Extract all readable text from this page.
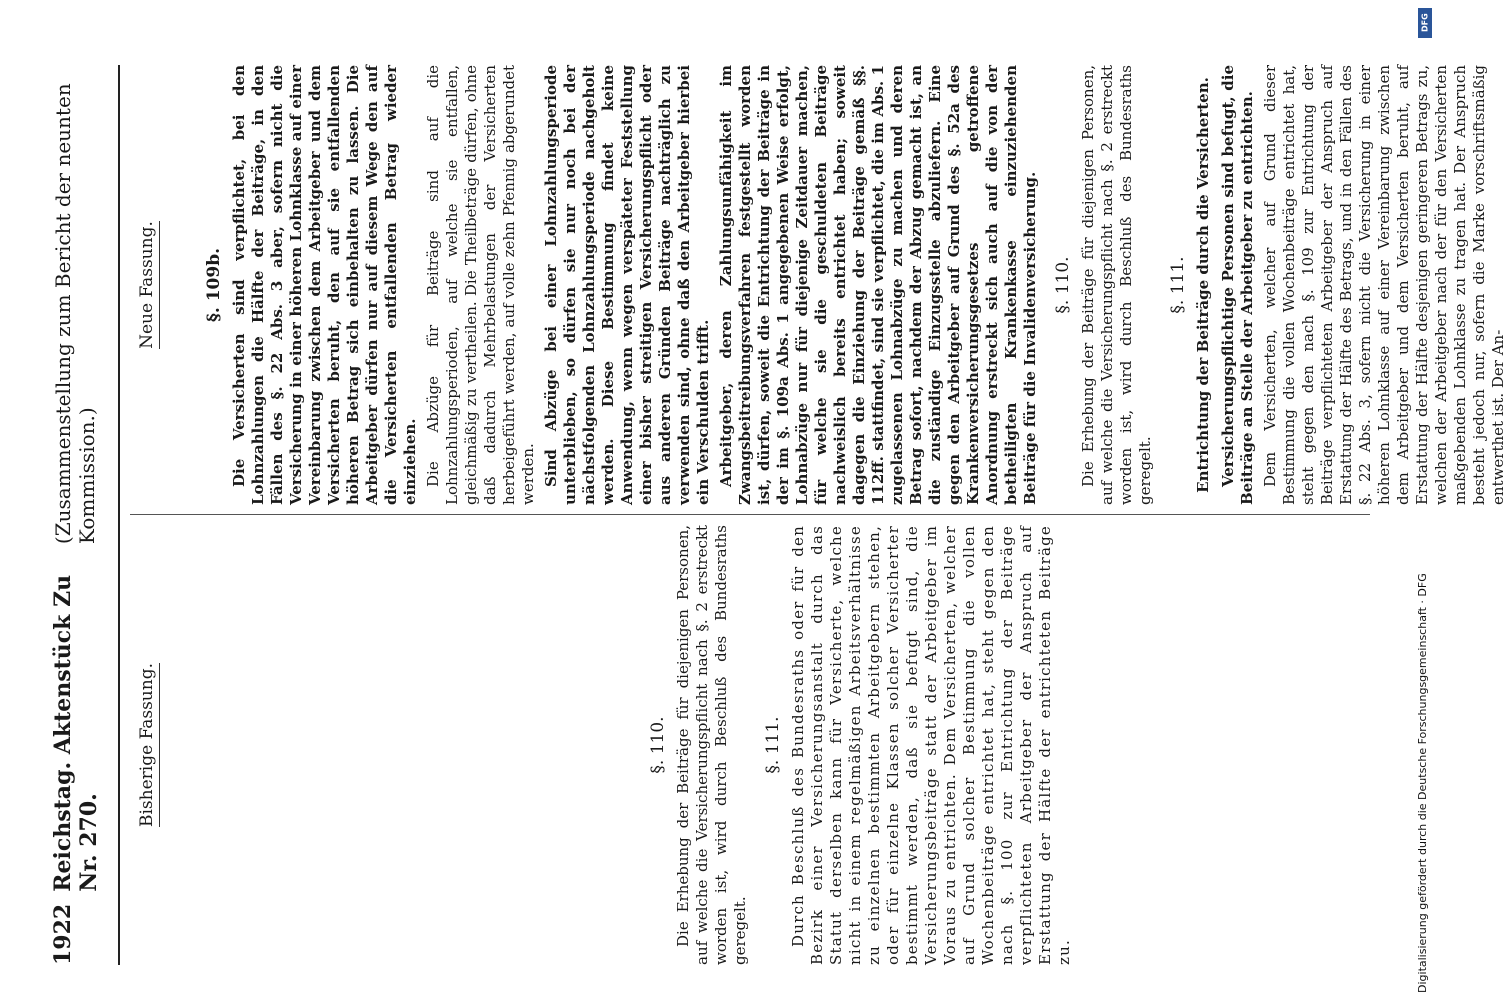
1922
Reichstag. Aktenstück Zu Nr. 270.
(Zusammenstellung zum Bericht der neunten Kommission.)
Bisherige Fassung.	§. 110. Die Erhebung der Beiträge für diejenigen Personen, auf welche die Versicherungspflicht nach §. 2 erstreckt worden ist, wird durch Beschluß des Bundesraths geregelt.

§. 111. Durch Beschluß des Bundesraths oder für den Bezirk einer Versicherungsanstalt durch das Statut derselben kann für Versicherte, welche nicht in einem regelmäßigen Arbeitsverhältnisse zu einzelnen bestimmten Arbeitgebern stehen, oder für einzelne Klassen solcher Versicherter bestimmt werden, daß sie befugt sind, die Versicherungsbeiträge statt der Arbeitgeber im Voraus zu entrichten. Dem Versicherten, welcher auf Grund solcher Bestimmung die vollen Wochenbeiträge entrichtet hat, steht gegen den nach §. 100 zur Entrichtung der Beiträge verpflichteten Arbeitgeber der Anspruch auf Erstattung der Hälfte der entrichteten Beiträge zu.

Neue Fassung.	§. 109b. Die Versicherten sind verpflichtet, bei den Lohnzahlungen die Hälfte der Beiträge, in den Fällen des §. 22 Abs. 3 aber, sofern nicht die Versicherung in einer höheren Lohnklasse auf einer Vereinbarung zwischen dem Arbeitgeber und dem Versicherten beruht, den auf sie entfallenden höheren Betrag sich einbehalten zu lassen. Die Arbeitgeber dürfen nur auf diesem Wege den auf die Versicherten entfallenden Betrag wieder einziehen. Die Abzüge für Beiträge sind auf die Lohnzahlungsperioden, auf welche sie entfallen, gleichmäßig zu vertheilen. Die Theilbeträge dürfen, ohne daß dadurch Mehrbelastungen der Versicherten herbeigeführt werden, auf volle zehn Pfennig abgerundet werden. Sind Abzüge bei einer Lohnzahlungsperiode unterblieben, so dürfen sie nur noch bei der nächstfolgenden Lohnzahlungsperiode nachgeholt werden. Diese Bestimmung findet keine Anwendung, wenn wegen verspäteter Feststellung einer bisher streitigen Versicherungspflicht oder aus anderen Gründen Beiträge nachträglich zu verwenden sind, ohne daß den Arbeitgeber hierbei ein Verschulden trifft. Arbeitgeber, deren Zahlungsunfähigkeit im Zwangsbeitreibungsverfahren festgestellt worden ist, dürfen, soweit die Entrichtung der Beiträge in der im §. 109a Abs. 1 angegebenen Weise erfolgt, Lohnabzüge nur für diejenige Zeitdauer machen, für welche sie die geschuldeten Beiträge nachweislich bereits entrichtet haben; soweit dagegen die Einziehung der Beiträge gemäß §§. 112ff. stattfindet, sind sie verpflichtet, die im Abs. 1 zugelassenen Lohnabzüge zu machen und deren Betrag sofort, nachdem der Abzug gemacht ist, an die zuständige Einzugsstelle abzuliefern. Eine gegen den Arbeitgeber auf Grund des §. 52a des Krankenversicherungsgesetzes getroffene Anordnung erstreckt sich auch auf die von der betheiligten Krankenkasse einzuziehenden Beiträge für die Invalidenversicherung. §. 110. Die Erhebung der Beiträge für diejenigen Personen, auf welche die Versicherungspflicht nach §. 2 erstreckt worden ist, wird durch Beschluß des Bundesraths geregelt.

§. 111. Entrichtung der Beiträge durch die Versicherten. Versicherungspflichtige Personen sind befugt, die Beiträge an Stelle der Arbeitgeber zu entrichten. Dem Versicherten, welcher auf Grund dieser Bestimmung die vollen Wochenbeiträge entrichtet hat, steht gegen den nach §. 109 zur Entrichtung der Beiträge verpflichteten Arbeitgeber der Anspruch auf Erstattung der Hälfte des Betrags, und in den Fällen des §. 22 Abs. 3, sofern nicht die Versicherung in einer höheren Lohnklasse auf einer Vereinbarung zwischen dem Arbeitgeber und dem Versicherten beruht, auf Erstattung der Hälfte desjenigen geringeren Betrags zu, welchen der Arbeitgeber nach der für den Versicherten maßgebenden Lohnklasse zu tragen hat. Der Anspruch besteht jedoch nur, sofern die Marke vorschriftsmäßig entwerthet ist. Der An-

Digitalisierung gefördert durch die Deutsche Forschungsgemeinschaft · DFG
DFG
